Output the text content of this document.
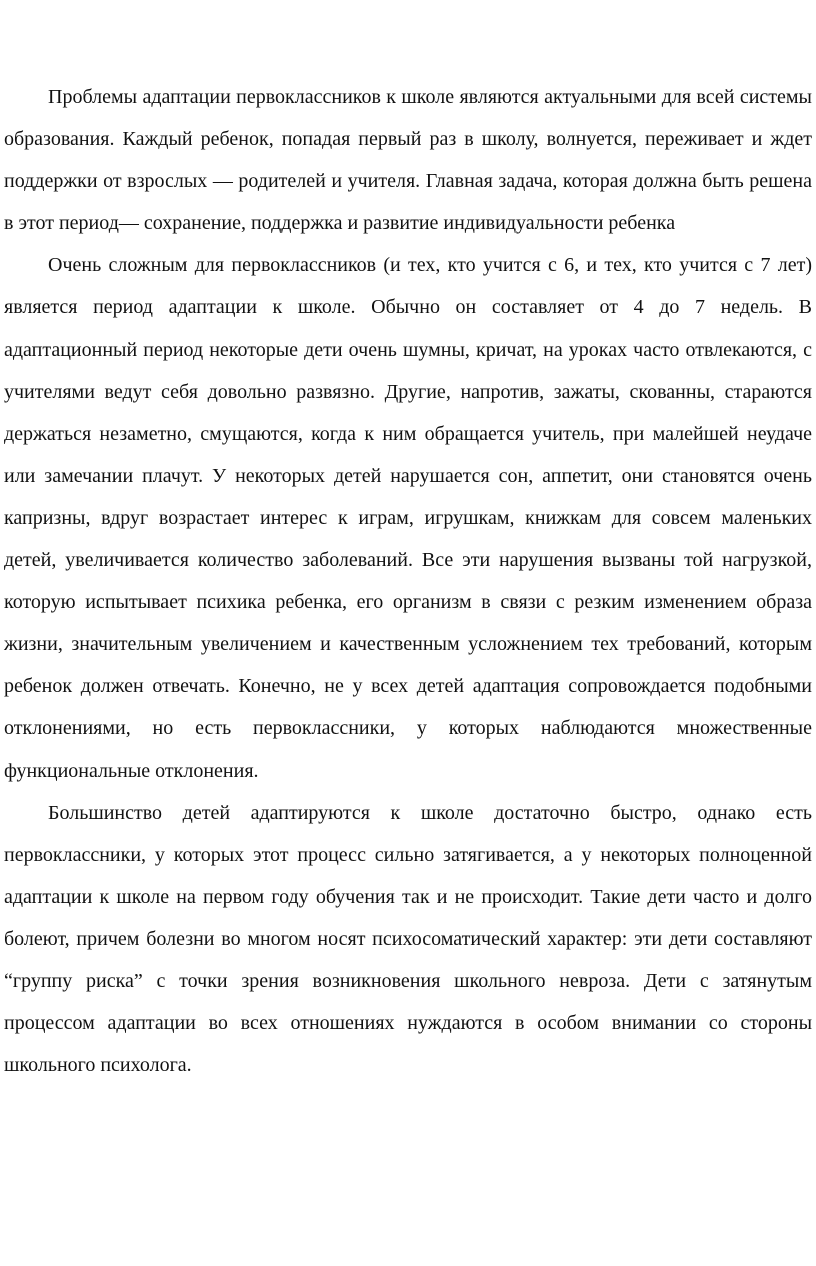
Проблемы адаптации первоклассников к школе являются актуальными для всей системы образования. Каждый ребенок, попадая первый раз в школу, волнуется, переживает и ждет поддержки от взрослых — родителей и учителя. Главная задача, которая должна быть решена в этот период— сохранение, поддержка и развитие индивидуальности ребенка

Очень сложным для первоклассников (и тех, кто учится с 6, и тех, кто учится с 7 лет) является период адаптации к школе. Обычно он составляет от 4 до 7 недель. В адаптационный период некоторые дети очень шумны, кричат, на уроках часто отвлекаются, с учителями ведут себя довольно развязно. Другие, напротив, зажаты, скованны, стараются держаться незаметно, смущаются, когда к ним обращается учитель, при малейшей неудаче или замечании плачут. У некоторых детей нарушается сон, аппетит, они становятся очень капризны, вдруг возрастает интерес к играм, игрушкам, книжкам для совсем маленьких детей, увеличивается количество заболеваний. Все эти нарушения вызваны той нагрузкой, которую испытывает психика ребенка, его организм в связи с резким изменением образа жизни, значительным увеличением и качественным усложнением тех требований, которым ребенок должен отвечать. Конечно, не у всех детей адаптация сопровождается подобными отклонениями, но есть первоклассники, у которых наблюдаются множественные функциональные отклонения.

Большинство детей адаптируются к школе достаточно быстро, однако есть первоклассники, у которых этот процесс сильно затягивается, а у некоторых полноценной адаптации к школе на первом году обучения так и не происходит. Такие дети часто и долго болеют, причем болезни во многом носят психосоматический характер: эти дети составляют “группу риска” с точки зрения возникновения школьного невроза. Дети с затянутым процессом адаптации во всех отношениях нуждаются в особом внимании со стороны школьного психолога.
